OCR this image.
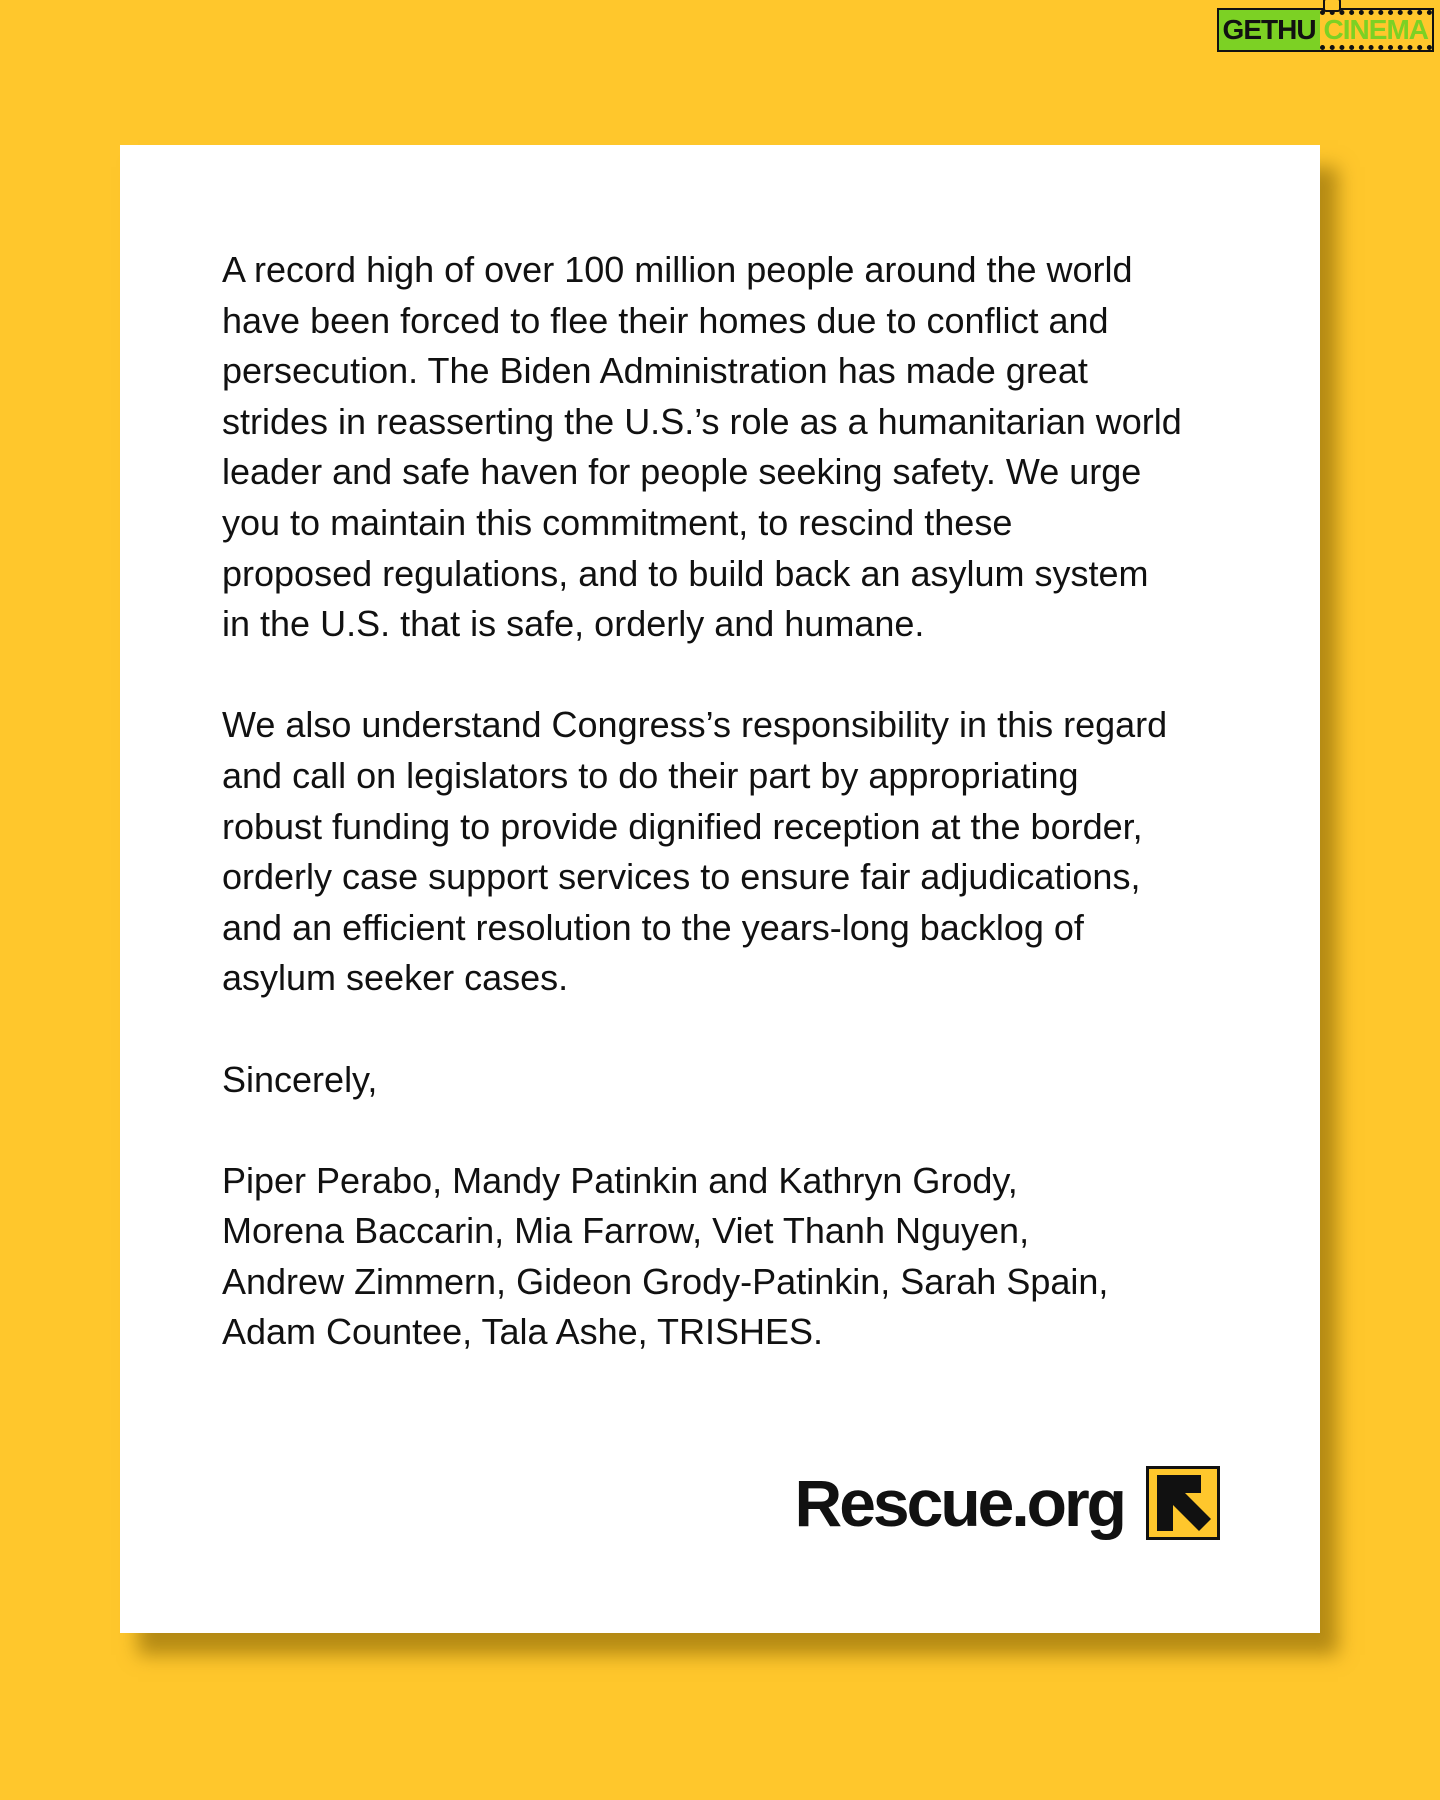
GETHU CINEMA

A record high of over 100 million people around the world
have been forced to flee their homes due to conflict and
persecution. The Biden Administration has made great
strides in reasserting the U.S.’s role as a humanitarian world
leader and safe haven for people seeking safety. We urge
you to maintain this commitment, to rescind these
proposed regulations, and to build back an asylum system
in the U.S. that is safe, orderly and humane.

We also understand Congress’s responsibility in this regard
and call on legislators to do their part by appropriating
robust funding to provide dignified reception at the border,
orderly case support services to ensure fair adjudications,
and an efficient resolution to the years-long backlog of
asylum seeker cases.

Sincerely,

Piper Perabo, Mandy Patinkin and Kathryn Grody,
Morena Baccarin, Mia Farrow, Viet Thanh Nguyen,
Andrew Zimmern, Gideon Grody-Patinkin, Sarah Spain,
Adam Countee, Tala Ashe, TRISHES.

Rescue.org
